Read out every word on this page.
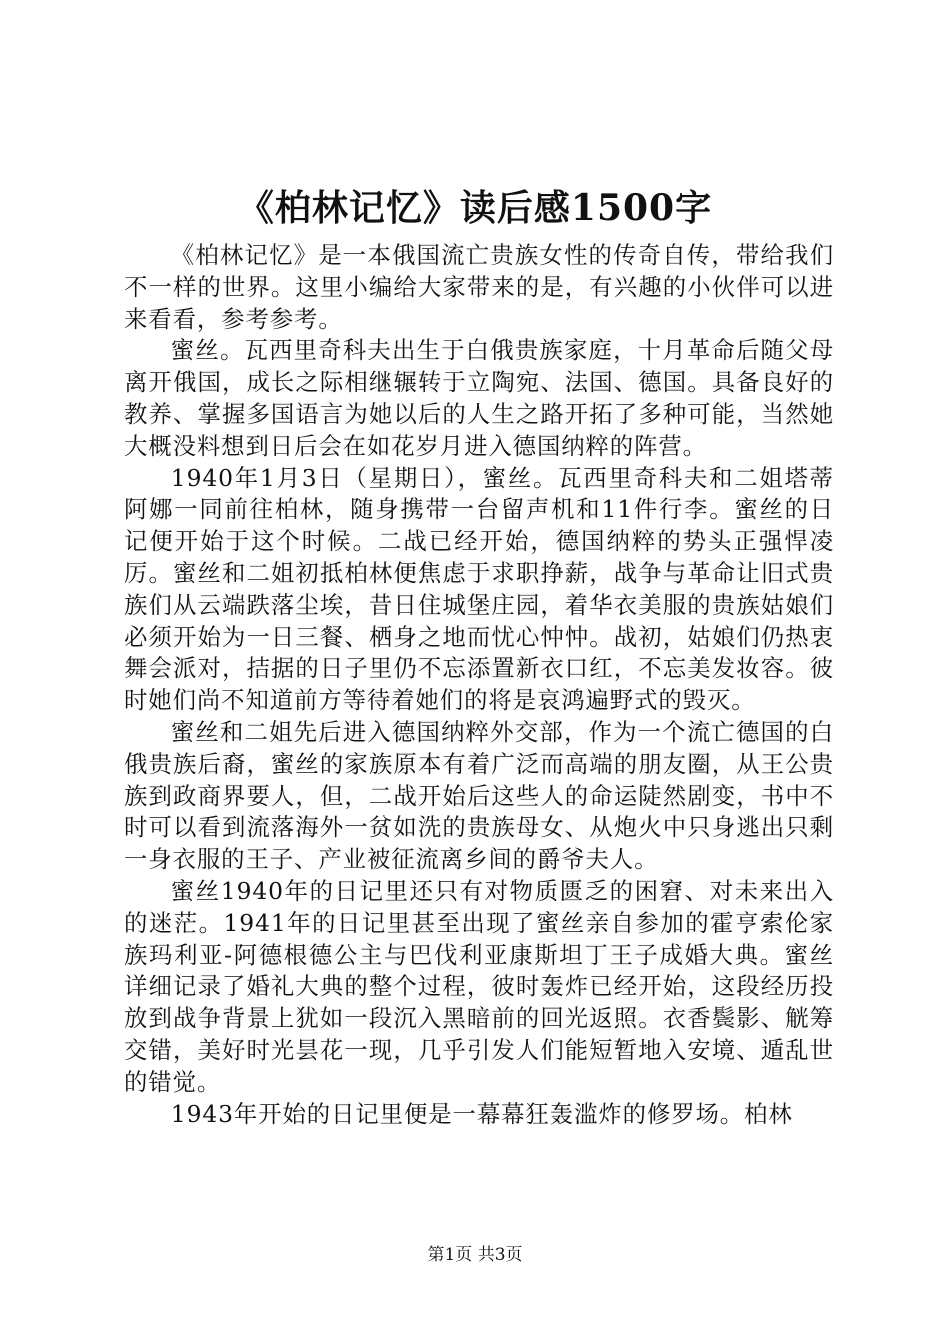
《柏林记忆》读后感1500字

《柏林记忆》是一本俄国流亡贵族女性的传奇自传，带给我们不一样的世界。这里小编给大家带来的是，有兴趣的小伙伴可以进来看看，参考参考。

蜜丝。瓦西里奇科夫出生于白俄贵族家庭，十月革命后随父母离开俄国，成长之际相继辗转于立陶宛、法国、德国。具备良好的教养、掌握多国语言为她以后的人生之路开拓了多种可能，当然她大概没料想到日后会在如花岁月进入德国纳粹的阵营。

1940年1月3日（星期日），蜜丝。瓦西里奇科夫和二姐塔蒂阿娜一同前往柏林，随身携带一台留声机和11件行李。蜜丝的日记便开始于这个时候。二战已经开始，德国纳粹的势头正强悍凌厉。蜜丝和二姐初抵柏林便焦虑于求职挣薪，战争与革命让旧式贵族们从云端跌落尘埃，昔日住城堡庄园，着华衣美服的贵族姑娘们必须开始为一日三餐、栖身之地而忧心忡忡。战初，姑娘们仍热衷舞会派对，拮据的日子里仍不忘添置新衣口红，不忘美发妆容。彼时她们尚不知道前方等待着她们的将是哀鸿遍野式的毁灭。

蜜丝和二姐先后进入德国纳粹外交部，作为一个流亡德国的白俄贵族后裔，蜜丝的家族原本有着广泛而高端的朋友圈，从王公贵族到政商界要人，但，二战开始后这些人的命运陡然剧变，书中不时可以看到流落海外一贫如洗的贵族母女、从炮火中只身逃出只剩一身衣服的王子、产业被征流离乡间的爵爷夫人。

蜜丝1940年的日记里还只有对物质匮乏的困窘、对未来出入的迷茫。1941年的日记里甚至出现了蜜丝亲自参加的霍亨索伦家族玛利亚-阿德根德公主与巴伐利亚康斯坦丁王子成婚大典。蜜丝详细记录了婚礼大典的整个过程，彼时轰炸已经开始，这段经历投放到战争背景上犹如一段沉入黑暗前的回光返照。衣香鬓影、觥筹交错，美好时光昙花一现，几乎引发人们能短暂地入安境、遁乱世的错觉。

1943年开始的日记里便是一幕幕狂轰滥炸的修罗场。柏林

第1页 共3页
